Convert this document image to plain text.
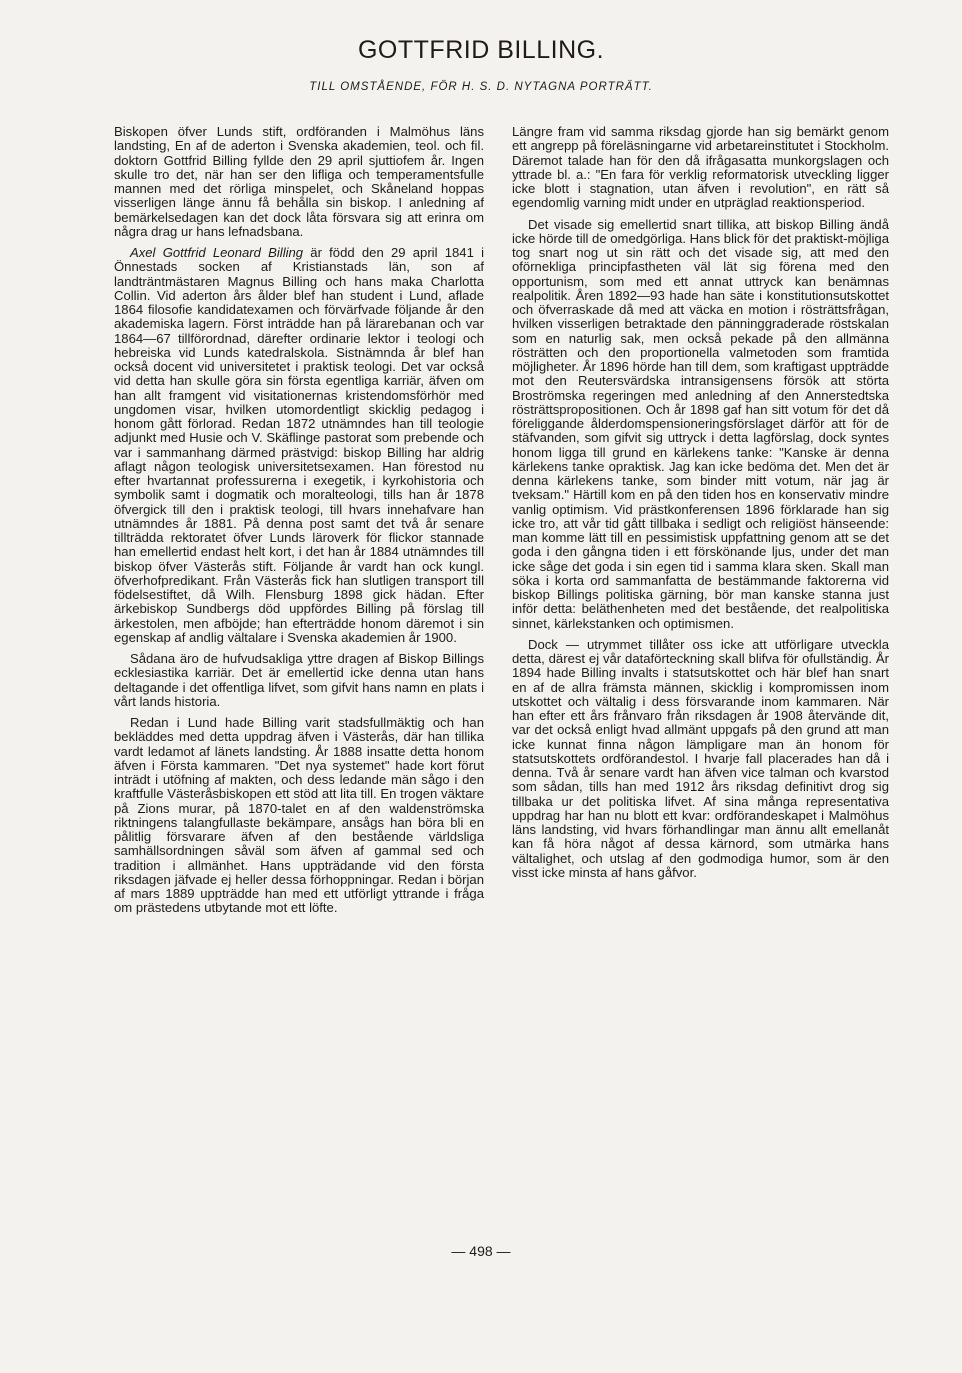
GOTTFRID BILLING.
TILL OMSTÅENDE, FÖR H. S. D. NYTAGNA PORTRÄTT.

Biskopen öfver Lunds stift, ordföranden i Malmöhus läns landsting, En af de aderton i Svenska akademien, teol. och fil. doktorn Gottfrid Billing fyllde den 29 april sjuttiofem år. Ingen skulle tro det, när han ser den lifliga och temperamentsfulle mannen med det rörliga minspelet, och Skåneland hoppas visserligen länge ännu få behålla sin biskop. I anledning af bemärkelsedagen kan det dock låta försvara sig att erinra om några drag ur hans lefnadsbana.

Axel Gottfrid Leonard Billing är född den 29 april 1841 i Önnestads socken af Kristianstads län, son af landträntmästaren Magnus Billing och hans maka Charlotta Collin. Vid aderton års ålder blef han student i Lund, aflade 1864 filosofie kandidatexamen och förvärfvade följande år den akademiska lagern. Först inträdde han på lärarebanan och var 1864—67 tillförordnad, därefter ordinarie lektor i teologi och hebreiska vid Lunds katedralskola. Sistnämnda år blef han också docent vid universitetet i praktisk teologi. Det var också vid detta han skulle göra sin första egentliga karriär, äfven om han allt framgent vid visitationernas kristendomsförhör med ungdomen visar, hvilken utomordentligt skicklig pedagog i honom gått förlorad. Redan 1872 utnämndes han till teologie adjunkt med Husie och V. Skäflinge pastorat som prebende och var i sammanhang därmed prästvigd: biskop Billing har aldrig aflagt någon teologisk universitetsexamen. Han förestod nu efter hvartannat professurerna i exegetik, i kyrkohistoria och symbolik samt i dogmatik och moralteologi, tills han år 1878 öfvergick till den i praktisk teologi, till hvars innehafvare han utnämndes år 1881. På denna post samt det två år senare tillträdda rektoratet öfver Lunds läroverk för flickor stannade han emellertid endast helt kort, i det han år 1884 utnämndes till biskop öfver Västerås stift. Följande år vardt han ock kungl. öfverhofpredikant. Från Västerås fick han slutligen transport till födelsestiftet, då Wilh. Flensburg 1898 gick hädan. Efter ärkebiskop Sundbergs död uppfördes Billing på förslag till ärkestolen, men afböjde; han efterträdde honom däremot i sin egenskap af andlig vältalare i Svenska akademien år 1900.

Sådana äro de hufvudsakliga yttre dragen af Biskop Billings ecklesiastika karriär. Det är emellertid icke denna utan hans deltagande i det offentliga lifvet, som gifvit hans namn en plats i vårt lands historia.

Redan i Lund hade Billing varit stadsfullmäktig och han bekläddes med detta uppdrag äfven i Västerås, där han tillika vardt ledamot af länets landsting. År 1888 insatte detta honom äfven i Första kammaren. "Det nya systemet" hade kort förut inträdt i utöfning af makten, och dess ledande män sågo i den kraftfulle Västeråsbiskopen ett stöd att lita till. En trogen väktare på Zions murar, på 1870-talet en af den waldenströmska riktningens talangfullaste bekämpare, ansågs han böra bli en pålitlig försvarare äfven af den bestående världsliga samhällsordningen såväl som äfven af gammal sed och tradition i allmänhet. Hans uppträdande vid den första riksdagen jäfvade ej heller dessa förhoppningar. Redan i början af mars 1889 uppträdde han med ett utförligt yttrande i fråga om prästedens utbytande mot ett löfte.

Längre fram vid samma riksdag gjorde han sig bemärkt genom ett angrepp på föreläsningarne vid arbetareinstitutet i Stockholm. Däremot talade han för den då ifrågasatta munkorgslagen och yttrade bl. a.: "En fara för verklig reformatorisk utveckling ligger icke blott i stagnation, utan äfven i revolution", en rätt så egendomlig varning midt under en utpräglad reaktionsperiod.

Det visade sig emellertid snart tillika, att biskop Billing ändå icke hörde till de omedgörliga. Hans blick för det praktiskt-möjliga tog snart nog ut sin rätt och det visade sig, att med den oförnekliga principfastheten väl lät sig förena med den opportunism, som med ett annat uttryck kan benämnas realpolitik. Åren 1892—93 hade han säte i konstitutionsutskottet och öfverraskade då med att väcka en motion i rösträttsfrågan, hvilken visserligen betraktade den pänninggraderade röstskalan som en naturlig sak, men också pekade på den allmänna rösträtten och den proportionella valmetoden som framtida möjligheter. År 1896 hörde han till dem, som kraftigast uppträdde mot den Reutersvärdska intransigensens försök att störta Broströmska regeringen med anledning af den Annerstedtska rösträttspropositionen. Och år 1898 gaf han sitt votum för det då föreliggande ålderdomspensioneringsförslaget därför att för de stäfvanden, som gifvit sig uttryck i detta lagförslag, dock syntes honom ligga till grund en kärlekens tanke: "Kanske är denna kärlekens tanke opraktisk. Jag kan icke bedöma det. Men det är denna kärlekens tanke, som binder mitt votum, när jag är tveksam." Härtill kom en på den tiden hos en konservativ mindre vanlig optimism. Vid prästkonferensen 1896 förklarade han sig icke tro, att vår tid gått tillbaka i sedligt och religiöst hänseende: man komme lätt till en pessimistisk uppfattning genom att se det goda i den gångna tiden i ett förskönande ljus, under det man icke såge det goda i sin egen tid i samma klara sken. Skall man söka i korta ord sammanfatta de bestämmande faktorerna vid biskop Billings politiska gärning, bör man kanske stanna just inför detta: beläthenheten med det bestående, det realpolitiska sinnet, kärlekstanken och optimismen.

Dock — utrymmet tillåter oss icke att utförligare utveckla detta, därest ej vår dataförteckning skall blifva för ofullständig. År 1894 hade Billing invalts i statsutskottet och här blef han snart en af de allra främsta männen, skicklig i kompromissen inom utskottet och vältalig i dess försvarande inom kammaren. När han efter ett års frånvaro från riksdagen år 1908 återvände dit, var det också enligt hvad allmänt uppgafs på den grund att man icke kunnat finna någon lämpligare man än honom för statsutskottets ordförandestol. I hvarje fall placerades han då i denna. Två år senare vardt han äfven vice talman och kvarstod som sådan, tills han med 1912 års riksdag definitivt drog sig tillbaka ur det politiska lifvet. Af sina många representativa uppdrag har han nu blott ett kvar: ordförandeskapet i Malmöhus läns landsting, vid hvars förhandlingar man ännu allt emellanåt kan få höra något af dessa kärnord, som utmärka hans vältalighet, och utslag af den godmodiga humor, som är den visst icke minsta af hans gåfvor.

— 498 —
